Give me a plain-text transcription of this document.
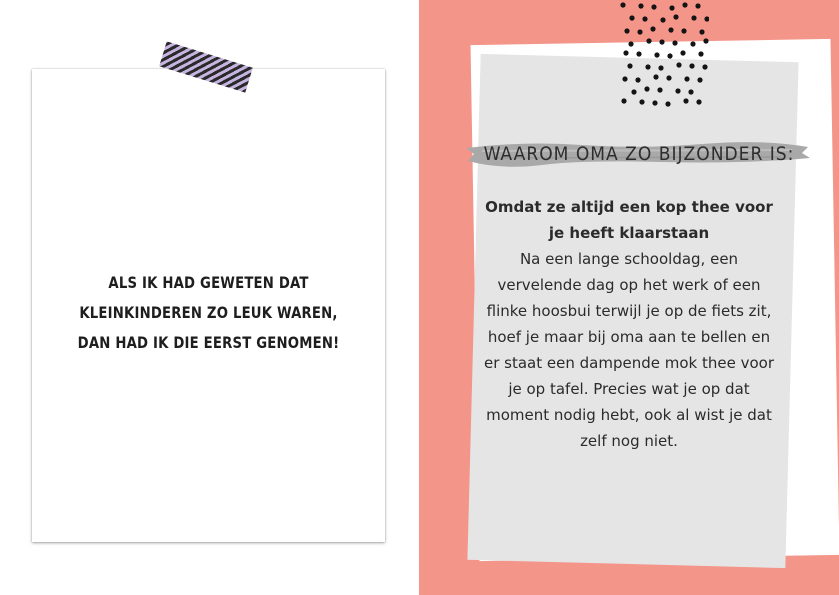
ALS IK HAD GEWETEN DAT KLEINKINDEREN ZO LEUK WAREN, DAN HAD IK DIE EERST GENOMEN!

WAAROM OMA ZO BIJZONDER IS:

Omdat ze altijd een kop thee voor je heeft klaarstaan
Na een lange schooldag, een vervelende dag op het werk of een flinke hoosbui terwijl je op de fiets zit, hoef je maar bij oma aan te bellen en er staat een dampende mok thee voor je op tafel. Precies wat je op dat moment nodig hebt, ook al wist je dat zelf nog niet.
